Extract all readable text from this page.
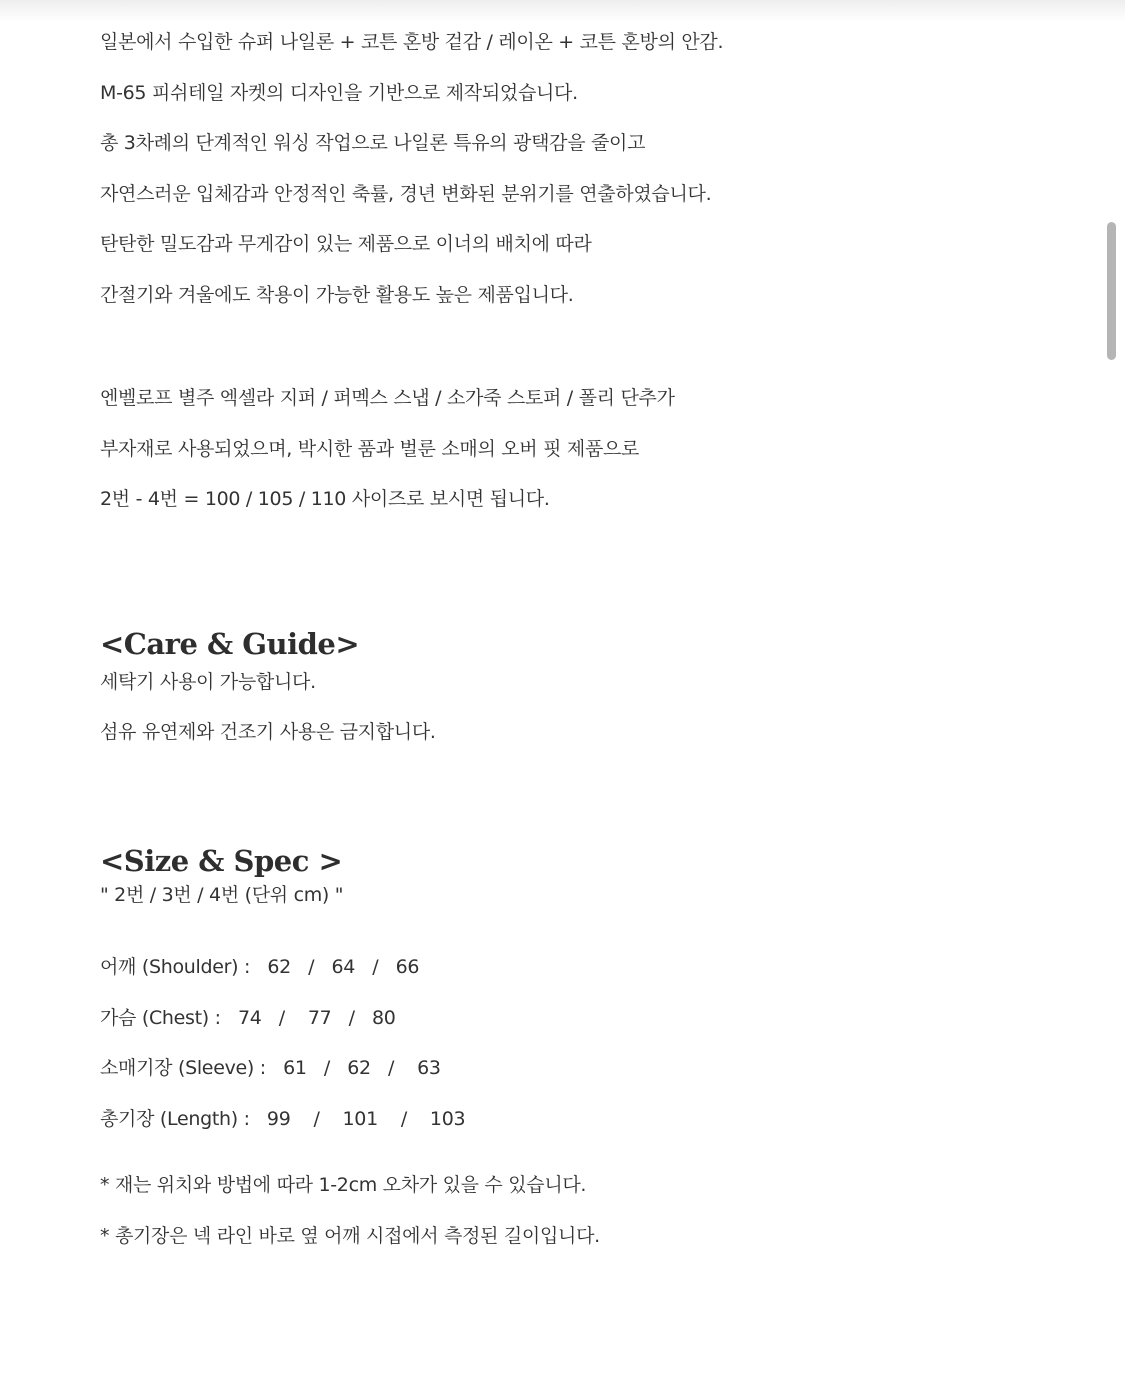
일본에서 수입한 슈퍼 나일론 + 코튼 혼방 겉감 / 레이온 + 코튼 혼방의 안감.

M-65 피쉬테일 자켓의 디자인을 기반으로 제작되었습니다.

총 3차례의 단계적인 워싱 작업으로 나일론 특유의 광택감을 줄이고

자연스러운 입체감과 안정적인 축률, 경년 변화된 분위기를 연출하였습니다.

탄탄한 밀도감과 무게감이 있는 제품으로 이너의 배치에 따라

간절기와 겨울에도 착용이 가능한 활용도 높은 제품입니다.

엔벨로프 별주 엑셀라 지퍼 / 퍼멕스 스냅 / 소가죽 스토퍼 / 폴리 단추가

부자재로 사용되었으며, 박시한 품과 벌룬 소매의 오버 핏 제품으로

2번 - 4번 = 100 / 105 / 110 사이즈로 보시면 됩니다.

<Care & Guide>

세탁기 사용이 가능합니다.

섬유 유연제와 건조기 사용은 금지합니다.

<Size & Spec >

" 2번 / 3번 / 4번 (단위 cm) "

어깨 (Shoulder) :   62   /   64   /   66

가슴 (Chest) :   74   /    77   /   80

소매기장 (Sleeve) :   61   /   62   /    63

총기장 (Length) :   99    /    101    /    103

* 재는 위치와 방법에 따라 1-2cm 오차가 있을 수 있습니다.

* 총기장은 넥 라인 바로 옆 어깨 시접에서 측정된 길이입니다.
